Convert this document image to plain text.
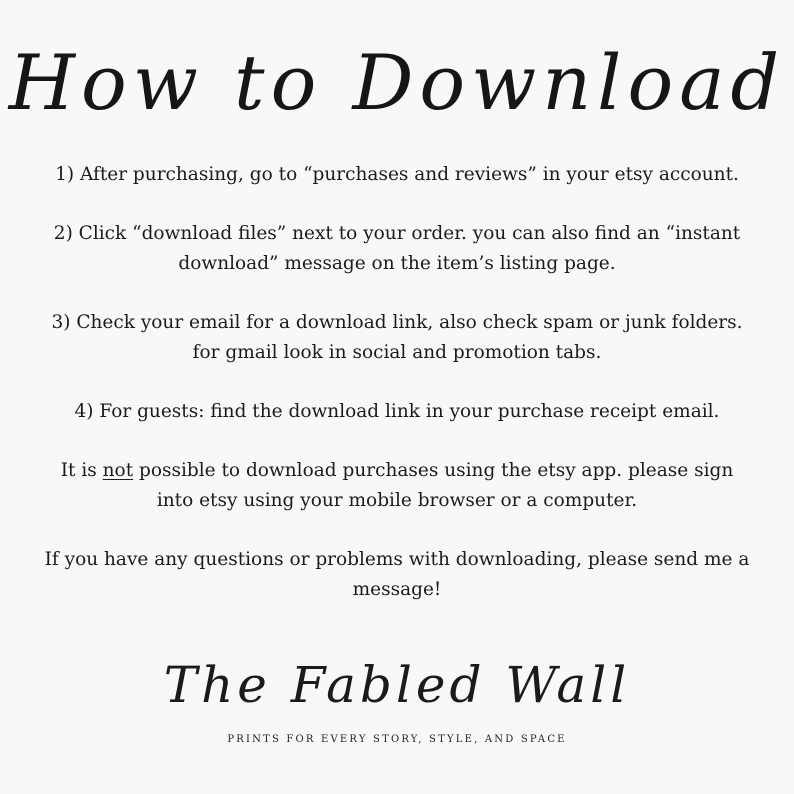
How to Download

1) After purchasing, go to “purchases and reviews” in your etsy account.

2) Click “download files” next to your order. you can also find an “instant download” message on the item’s listing page.

3) Check your email for a download link, also check spam or junk folders. for gmail look in social and promotion tabs.

4) For guests: find the download link in your purchase receipt email.

It is not possible to download purchases using the etsy app. please sign into etsy using your mobile browser or a computer.

If you have any questions or problems with downloading, please send me a message!

The Fabled Wall
PRINTS FOR EVERY STORY, STYLE, AND SPACE
